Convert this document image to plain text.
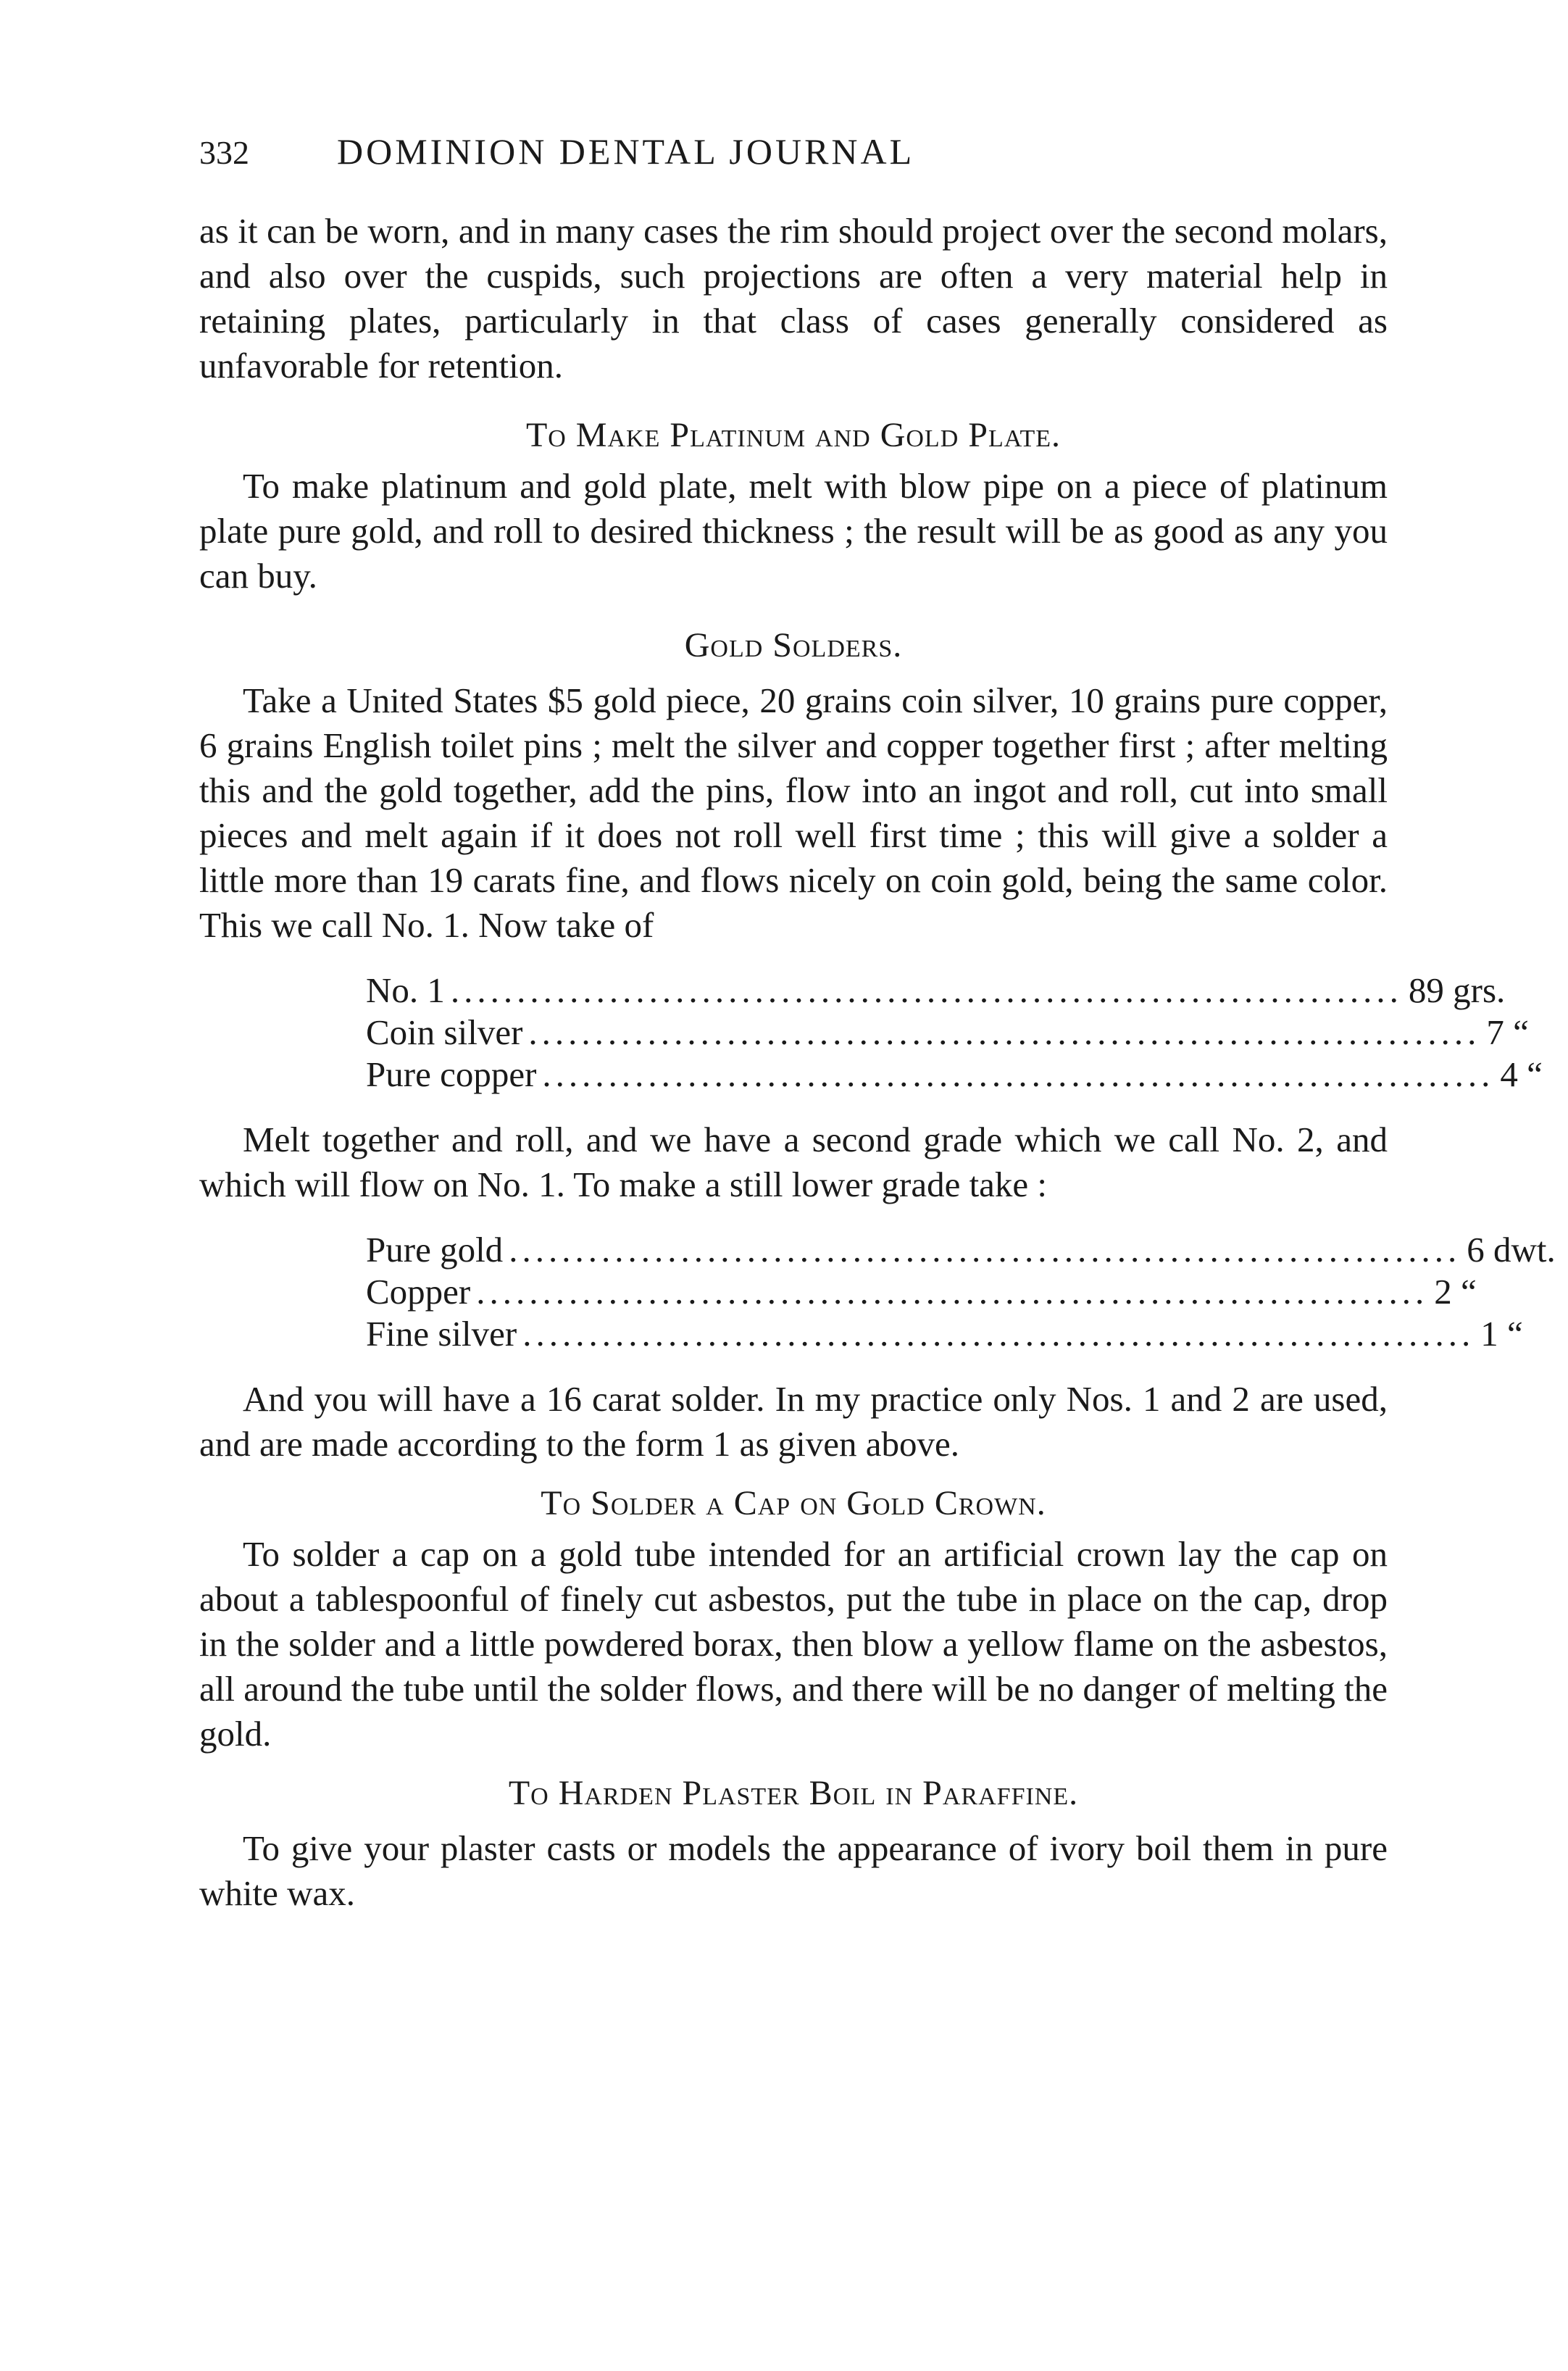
332	DOMINION DENTAL JOURNAL

as it can be worn, and in many cases the rim should project over the second molars, and also over the cuspids, such projections are often a very material help in retaining plates, particularly in that class of cases generally considered as unfavorable for retention.

To Make Platinum and Gold Plate.

To make platinum and gold plate, melt with blow pipe on a piece of platinum plate pure gold, and roll to desired thickness ; the result will be as good as any you can buy.

Gold Solders.

Take a United States $5 gold piece, 20 grains coin silver, 10 grains pure copper, 6 grains English toilet pins ; melt the silver and copper together first ; after melting this and the gold together, add the pins, flow into an ingot and roll, cut into small pieces and melt again if it does not roll well first time ; this will give a solder a little more than 19 carats fine, and flows nicely on coin gold, being the same color. This we call No. 1. Now take of

No. 1 ........................................................................ 89 grs.
Coin silver ........................................................................ 7 “
Pure copper ........................................................................ 4 “

Melt together and roll, and we have a second grade which we call No. 2, and which will flow on No. 1. To make a still lower grade take :

Pure gold ........................................................................ 6 dwt.
Copper ........................................................................ 2 “
Fine silver ........................................................................ 1 “

And you will have a 16 carat solder. In my practice only Nos. 1 and 2 are used, and are made according to the form 1 as given above.

To Solder a Cap on Gold Crown.

To solder a cap on a gold tube intended for an artificial crown lay the cap on about a tablespoonful of finely cut asbestos, put the tube in place on the cap, drop in the solder and a little powdered borax, then blow a yellow flame on the asbestos, all around the tube until the solder flows, and there will be no danger of melting the gold.

To Harden Plaster Boil in Paraffine.

To give your plaster casts or models the appearance of ivory boil them in pure white wax.
